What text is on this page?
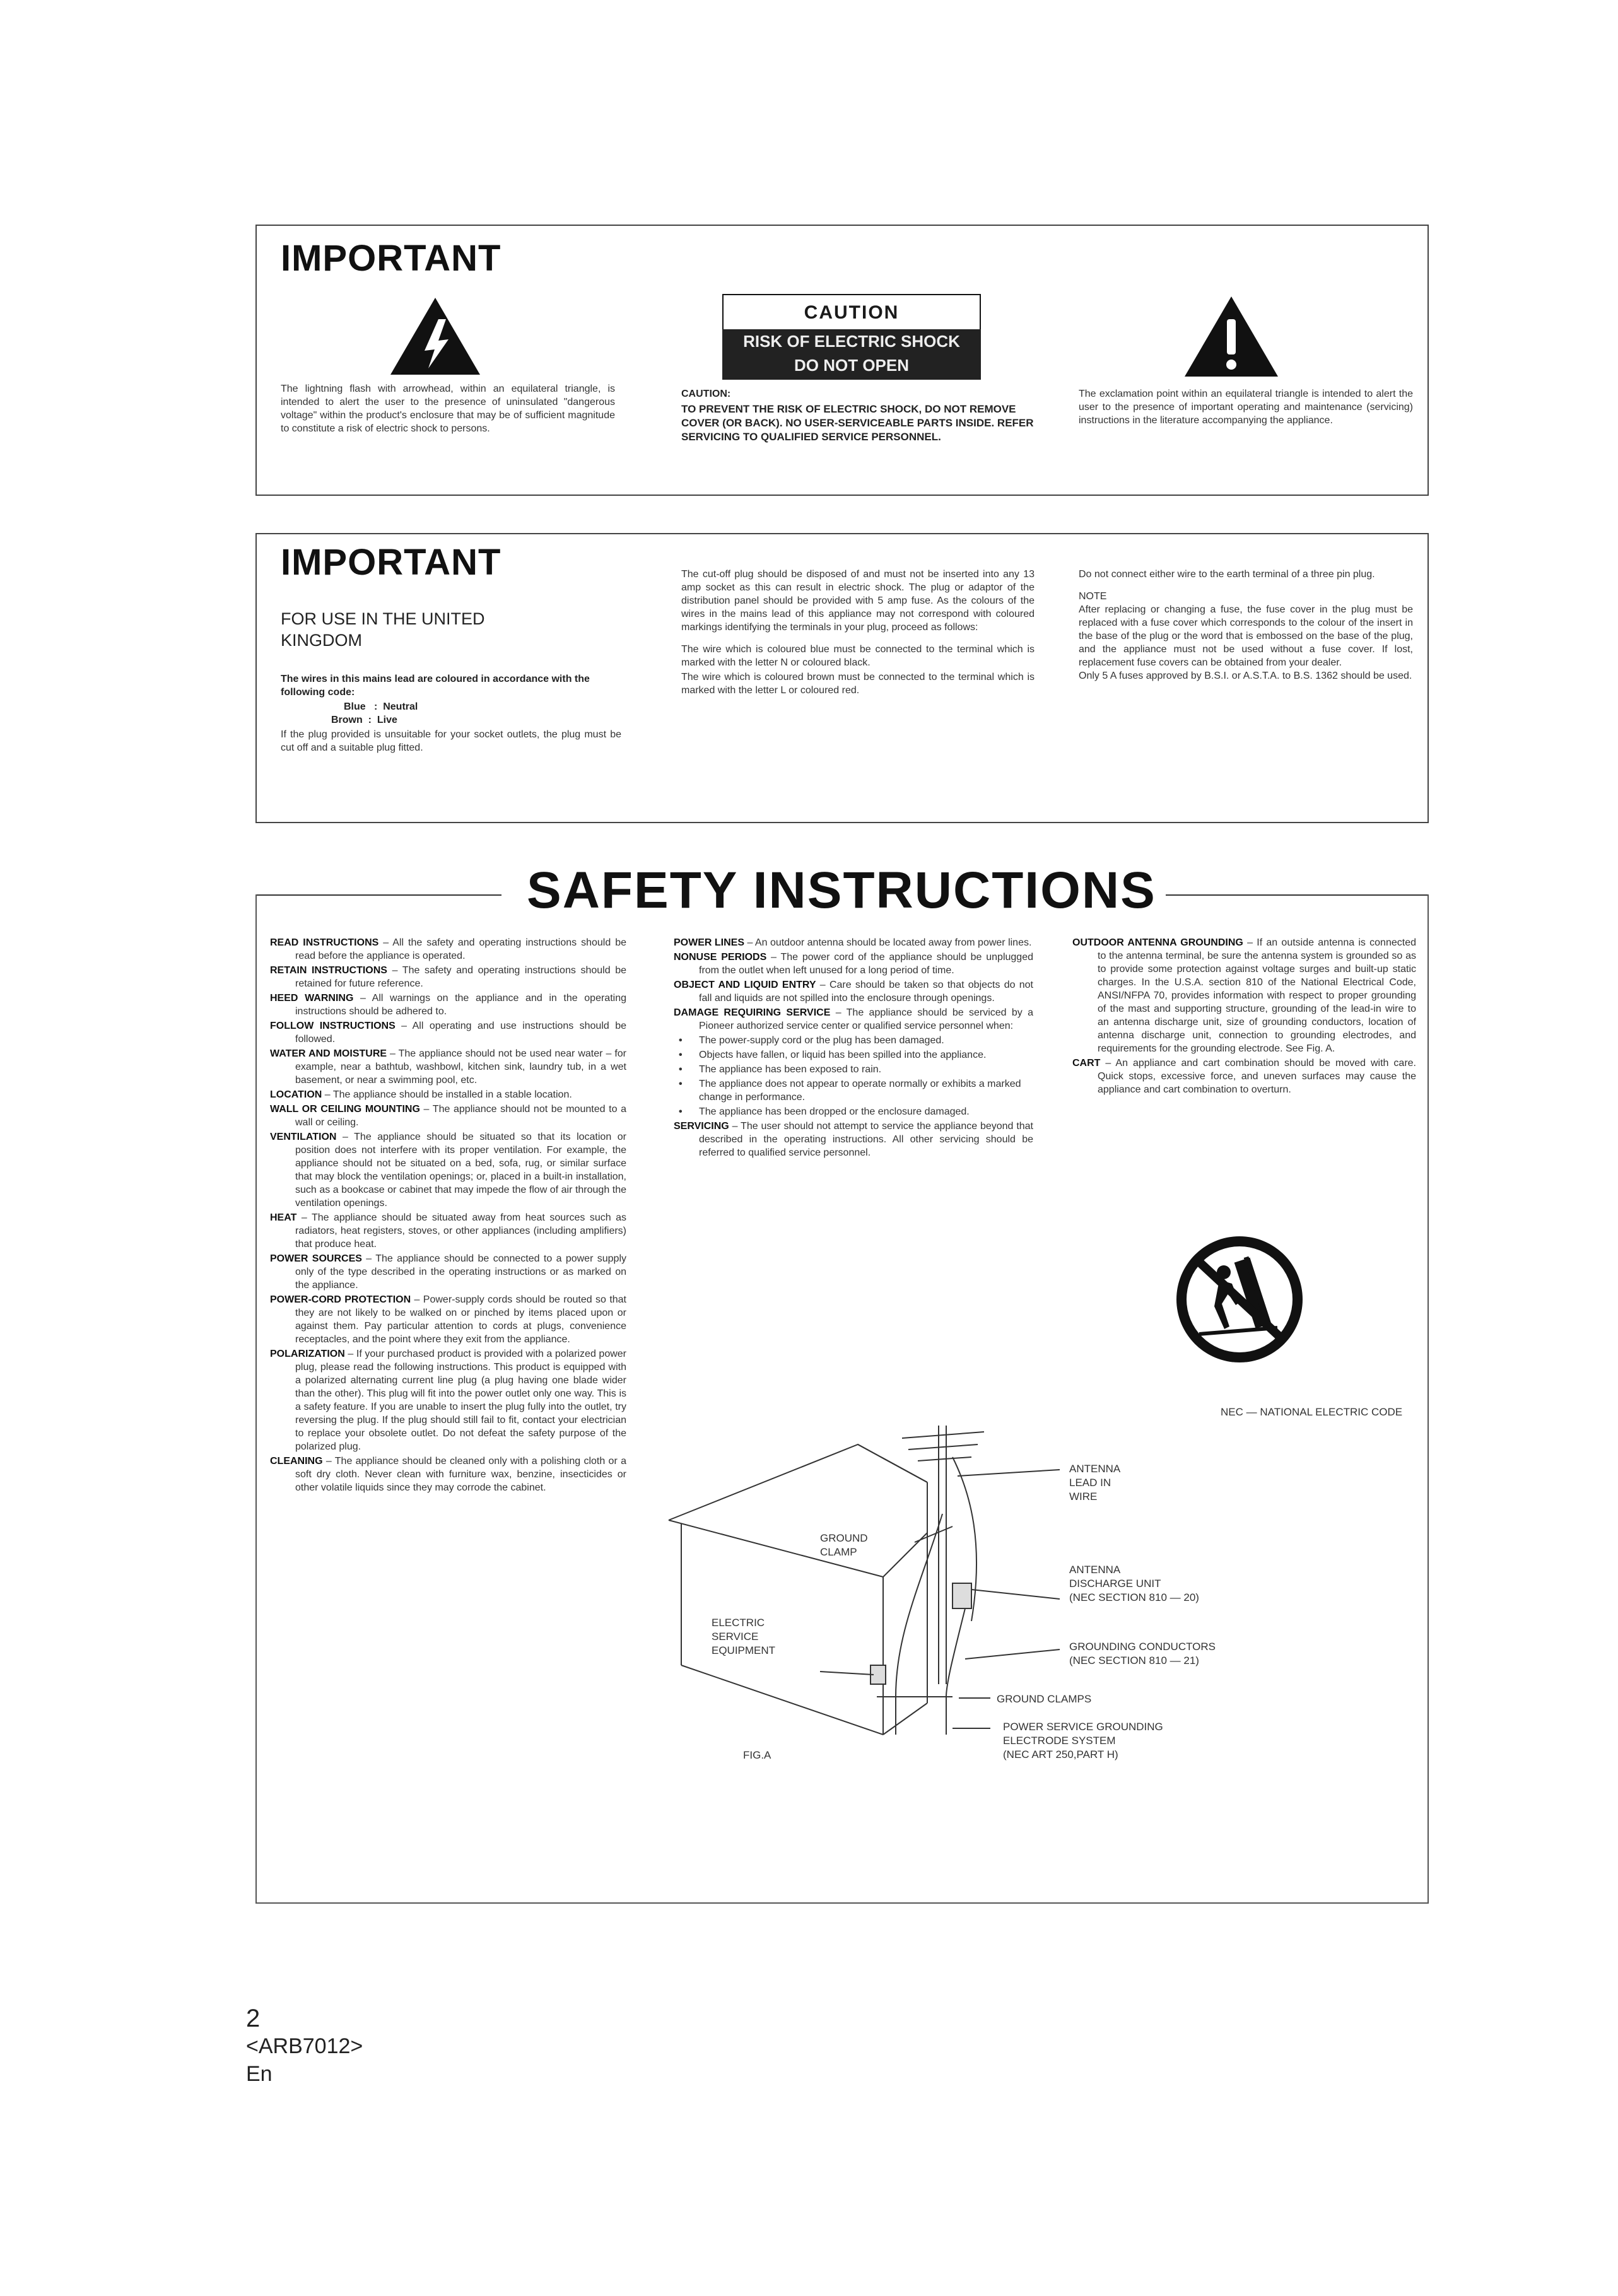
IMPORTANT
The lightning flash with arrowhead, within an equilateral triangle, is intended to alert the user to the presence of uninsulated "dangerous voltage" within the product's enclosure that may be of sufficient magnitude to constitute a risk of electric shock to persons.
CAUTION
RISK OF ELECTRIC SHOCK
DO NOT OPEN
CAUTION:
TO PREVENT THE RISK OF ELECTRIC SHOCK, DO NOT REMOVE COVER (OR BACK). NO USER-SERVICEABLE PARTS INSIDE. REFER SERVICING TO QUALIFIED SERVICE PERSONNEL.
The exclamation point within an equilateral triangle is intended to alert the user to the presence of important operating and maintenance (servicing) instructions in the literature accompanying the appliance.
IMPORTANT
FOR USE IN THE UNITED
KINGDOM
The wires in this mains lead are coloured in accordance with the following code:
Blue   :  Neutral
Brown  :  Live
If the plug provided is unsuitable for your socket outlets, the plug must be cut off and a suitable plug fitted.
The cut-off plug should be disposed of and must not be inserted into any 13 amp socket as this can result in electric shock. The plug or adaptor of the distribution panel should be provided with 5 amp fuse. As the colours of the wires in the mains lead of this appliance may not correspond with coloured markings identifying the terminals in your plug, proceed as follows:
The wire which is coloured blue must be connected to the terminal which is marked with the letter N or coloured black.
The wire which is coloured brown must be connected to the terminal which is marked with the letter L or coloured red.
Do not connect either wire to the earth terminal of a three pin plug.
NOTE
After replacing or changing a fuse, the fuse cover in the plug must be replaced with a fuse cover which corresponds to the colour of the insert in the base of the plug or the word that is embossed on the base of the plug, and the appliance must not be used without a fuse cover. If lost, replacement fuse covers can be obtained from your dealer.
Only 5 A fuses approved by B.S.I. or A.S.T.A. to B.S. 1362 should be used.
SAFETY INSTRUCTIONS
READ INSTRUCTIONS – All the safety and operating instructions should be read before the appliance is operated.
RETAIN INSTRUCTIONS – The safety and operating instructions should be retained for future reference.
HEED WARNING – All warnings on the appliance and in the operating instructions should be adhered to.
FOLLOW INSTRUCTIONS – All operating and use instructions should be followed.
WATER AND MOISTURE – The appliance should not be used near water – for example, near a bathtub, washbowl, kitchen sink, laundry tub, in a wet basement, or near a swimming pool, etc.
LOCATION – The appliance should be installed in a stable location.
WALL OR CEILING MOUNTING – The appliance should not be mounted to a wall or ceiling.
VENTILATION – The appliance should be situated so that its location or position does not interfere with its proper ventilation. For example, the appliance should not be situated on a bed, sofa, rug, or similar surface that may block the ventilation openings; or, placed in a built-in installation, such as a bookcase or cabinet that may impede the flow of air through the ventilation openings.
HEAT – The appliance should be situated away from heat sources such as radiators, heat registers, stoves, or other appliances (including amplifiers) that produce heat.
POWER SOURCES – The appliance should be connected to a power supply only of the type described in the operating instructions or as marked on the appliance.
POWER-CORD PROTECTION – Power-supply cords should be routed so that they are not likely to be walked on or pinched by items placed upon or against them. Pay particular attention to cords at plugs, convenience receptacles, and the point where they exit from the appliance.
POLARIZATION – If your purchased product is provided with a polarized power plug, please read the following instructions. This product is equipped with a polarized alternating current line plug (a plug having one blade wider than the other). This plug will fit into the power outlet only one way. This is a safety feature. If you are unable to insert the plug fully into the outlet, try reversing the plug. If the plug should still fail to fit, contact your electrician to replace your obsolete outlet. Do not defeat the safety purpose of the polarized plug.
CLEANING – The appliance should be cleaned only with a polishing cloth or a soft dry cloth. Never clean with furniture wax, benzine, insecticides or other volatile liquids since they may corrode the cabinet.
POWER LINES – An outdoor antenna should be located away from power lines.
NONUSE PERIODS – The power cord of the appliance should be unplugged from the outlet when left unused for a long period of time.
OBJECT AND LIQUID ENTRY – Care should be taken so that objects do not fall and liquids are not spilled into the enclosure through openings.
DAMAGE REQUIRING SERVICE – The appliance should be serviced by a Pioneer authorized service center or qualified service personnel when:
• The power-supply cord or the plug has been damaged.
• Objects have fallen, or liquid has been spilled into the appliance.
• The appliance has been exposed to rain.
• The appliance does not appear to operate normally or exhibits a marked change in performance.
• The appliance has been dropped or the enclosure damaged.
SERVICING – The user should not attempt to service the appliance beyond that described in the operating instructions. All other servicing should be referred to qualified service personnel.
OUTDOOR ANTENNA GROUNDING – If an outside antenna is connected to the antenna terminal, be sure the antenna system is grounded so as to provide some protection against voltage surges and built-up static charges. In the U.S.A. section 810 of the National Electrical Code, ANSI/NFPA 70, provides information with respect to proper grounding of the mast and supporting structure, grounding of the lead-in wire to an antenna discharge unit, size of grounding conductors, location of antenna discharge unit, connection to grounding electrodes, and requirements for the grounding electrode. See Fig. A.
CART – An appliance and cart combination should be moved with care. Quick stops, excessive force, and uneven surfaces may cause the appliance and cart combination to overturn.
NEC — NATIONAL ELECTRIC CODE
ANTENNA
LEAD IN
WIRE
GROUND
CLAMP
ANTENNA
DISCHARGE UNIT
(NEC SECTION 810 — 20)
ELECTRIC
SERVICE
EQUIPMENT	GROUNDING CONDUCTORS
(NEC SECTION 810 — 21)
GROUND CLAMPS
POWER SERVICE GROUNDING
ELECTRODE SYSTEM
(NEC ART 250,PART H)
FIG.A
2
<ARB7012>
En
